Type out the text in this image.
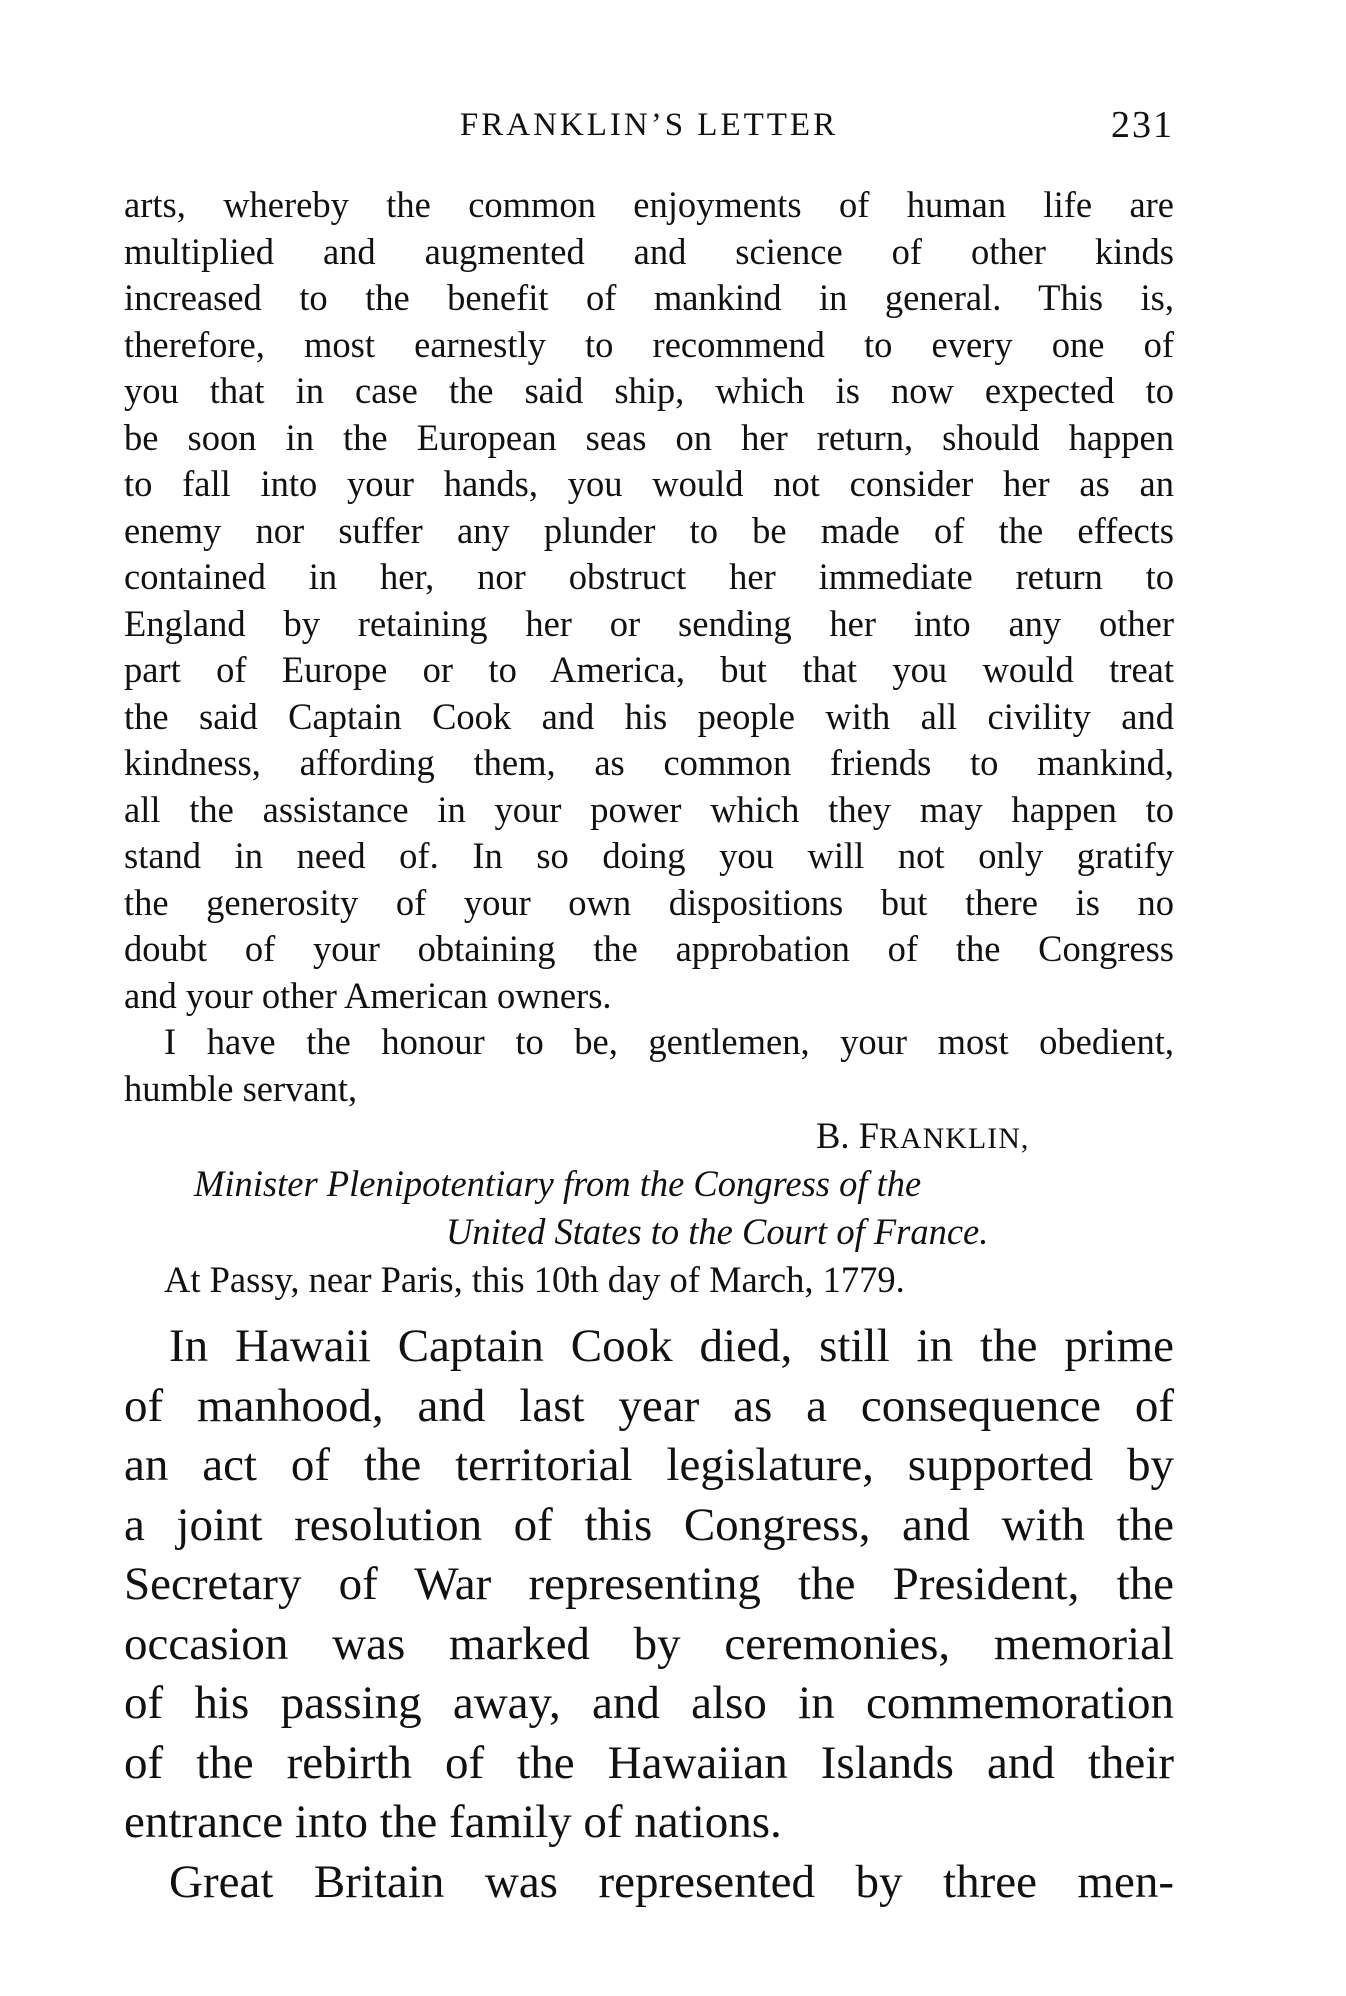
FRANKLIN’S LETTER	231
arts, whereby the common enjoyments of human life are
multiplied and augmented and science of other kinds
increased to the benefit of mankind in general. This is,
therefore, most earnestly to recommend to every one of
you that in case the said ship, which is now expected to
be soon in the European seas on her return, should happen
to fall into your hands, you would not consider her as an
enemy nor suffer any plunder to be made of the effects
contained in her, nor obstruct her immediate return to
England by retaining her or sending her into any other
part of Europe or to America, but that you would treat
the said Captain Cook and his people with all civility and
kindness, affording them, as common friends to mankind,
all the assistance in your power which they may happen to
stand in need of. In so doing you will not only gratify
the generosity of your own dispositions but there is no
doubt of your obtaining the approbation of the Congress
and your other American owners.
I have the honour to be, gentlemen, your most obedient,
humble servant,
B. FRANKLIN,
Minister Plenipotentiary from the Congress of the
United States to the Court of France.
At Passy, near Paris, this 10th day of March, 1779.
In Hawaii Captain Cook died, still in the prime
of manhood, and last year as a consequence of
an act of the territorial legislature, supported by
a joint resolution of this Congress, and with the
Secretary of War representing the President, the
occasion was marked by ceremonies, memorial
of his passing away, and also in commemoration
of the rebirth of the Hawaiian Islands and their
entrance into the family of nations.
Great Britain was represented by three men-
